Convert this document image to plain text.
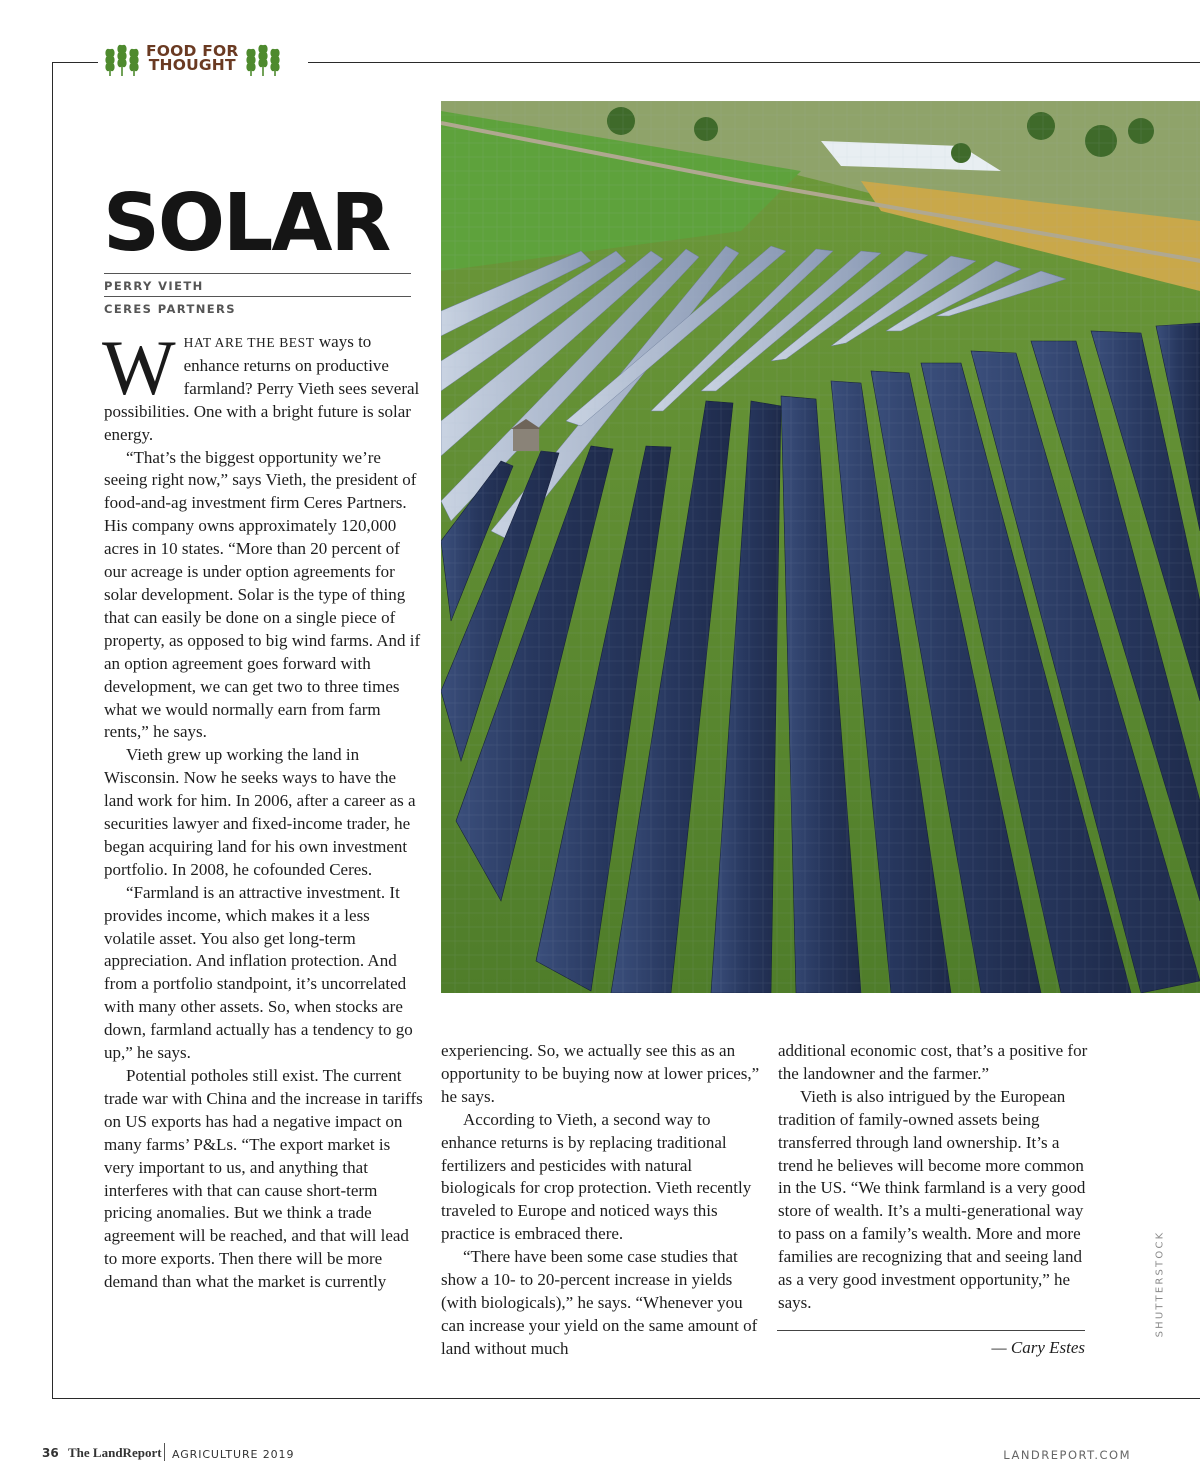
FOOD FOR
THOUGHT
SOLAR
PERRY VIETH
CERES PARTNERS

WHAT ARE THE BEST ways to enhance returns on productive farmland? Perry Vieth sees several possibilities. One with a bright future is solar energy.

“That’s the biggest opportunity we’re seeing right now,” says Vieth, the president of food-and-ag investment firm Ceres Partners. His company owns approximately 120,000 acres in 10 states. “More than 20 percent of our acreage is under option agreements for solar development. Solar is the type of thing that can easily be done on a single piece of property, as opposed to big wind farms. And if an option agreement goes forward with development, we can get two to three times what we would normally earn from farm rents,” he says.

Vieth grew up working the land in Wisconsin. Now he seeks ways to have the land work for him. In 2006, after a career as a securities lawyer and fixed-income trader, he began acquiring land for his own investment portfolio. In 2008, he cofounded Ceres.

“Farmland is an attractive investment. It provides income, which makes it a less volatile asset. You also get long-term appreciation. And inflation protection. And from a portfolio standpoint, it’s uncorrelated with many other assets. So, when stocks are down, farmland actually has a tendency to go up,” he says.

Potential potholes still exist. The current trade war with China and the increase in tariffs on US exports has had a negative impact on many farms’ P&Ls. “The export market is very important to us, and anything that interferes with that can cause short-term pricing anomalies. But we think a trade agreement will be reached, and that will lead to more exports. Then there will be more demand than what the market is currently

experiencing. So, we actually see this as an opportunity to be buying now at lower prices,” he says.

According to Vieth, a second way to enhance returns is by replacing traditional fertilizers and pesticides with natural biologicals for crop protection. Vieth recently traveled to Europe and noticed ways this practice is embraced there.

“There have been some case studies that show a 10- to 20-percent increase in yields (with biologicals),” he says. “Whenever you can increase your yield on the same amount of land without much

additional economic cost, that’s a positive for the landowner and the farmer.”

Vieth is also intrigued by the European tradition of family-owned assets being transferred through land ownership. It’s a trend he believes will become more common in the US. “We think farmland is a very good store of wealth. It’s a multi-generational way to pass on a family’s wealth. More and more families are recognizing that and seeing land as a very good investment opportunity,” he says.

— Cary Estes
SHUTTERSTOCK
36 The LandReport AGRICULTURE 2019	LANDREPORT.COM
